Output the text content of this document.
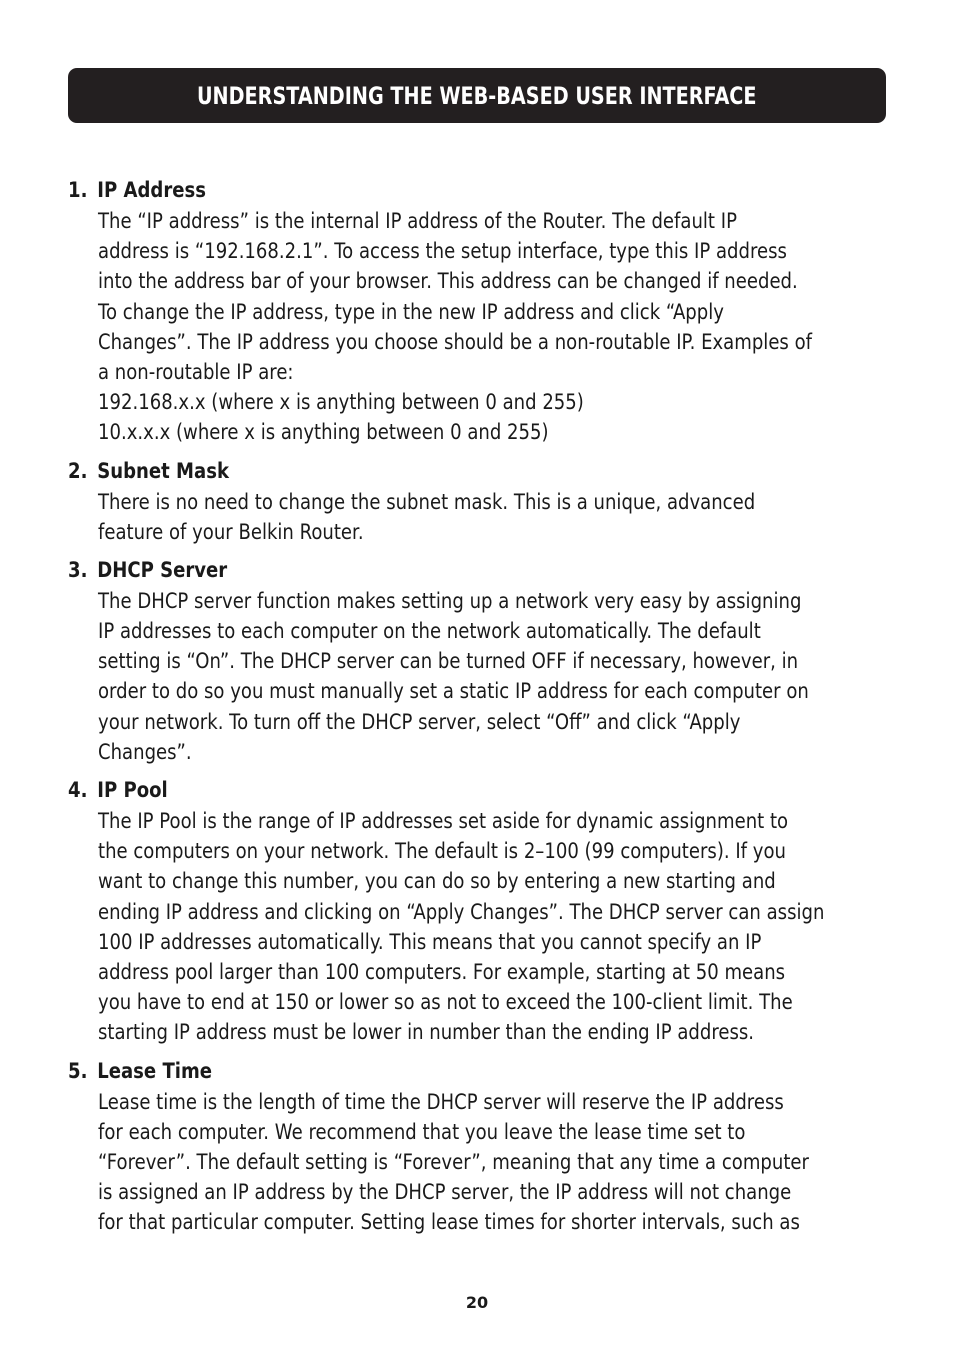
UNDERSTANDING THE WEB-BASED USER INTERFACE
1. IP Address
The “IP address” is the internal IP address of the Router. The default IP
address is “192.168.2.1”. To access the setup interface, type this IP address
into the address bar of your browser. This address can be changed if needed.
To change the IP address, type in the new IP address and click “Apply
Changes”. The IP address you choose should be a non-routable IP. Examples of
a non-routable IP are:
192.168.x.x (where x is anything between 0 and 255)
10.x.x.x (where x is anything between 0 and 255)
2. Subnet Mask
There is no need to change the subnet mask. This is a unique, advanced
feature of your Belkin Router.
3. DHCP Server
The DHCP server function makes setting up a network very easy by assigning
IP addresses to each computer on the network automatically. The default
setting is “On”. The DHCP server can be turned OFF if necessary, however, in
order to do so you must manually set a static IP address for each computer on
your network. To turn off the DHCP server, select “Off” and click “Apply
Changes”.
4. IP Pool
The IP Pool is the range of IP addresses set aside for dynamic assignment to
the computers on your network. The default is 2–100 (99 computers). If you
want to change this number, you can do so by entering a new starting and
ending IP address and clicking on “Apply Changes”. The DHCP server can assign
100 IP addresses automatically. This means that you cannot specify an IP
address pool larger than 100 computers. For example, starting at 50 means
you have to end at 150 or lower so as not to exceed the 100-client limit. The
starting IP address must be lower in number than the ending IP address.
5. Lease Time
Lease time is the length of time the DHCP server will reserve the IP address
for each computer. We recommend that you leave the lease time set to
“Forever”. The default setting is “Forever”, meaning that any time a computer
is assigned an IP address by the DHCP server, the IP address will not change
for that particular computer. Setting lease times for shorter intervals, such as
20
